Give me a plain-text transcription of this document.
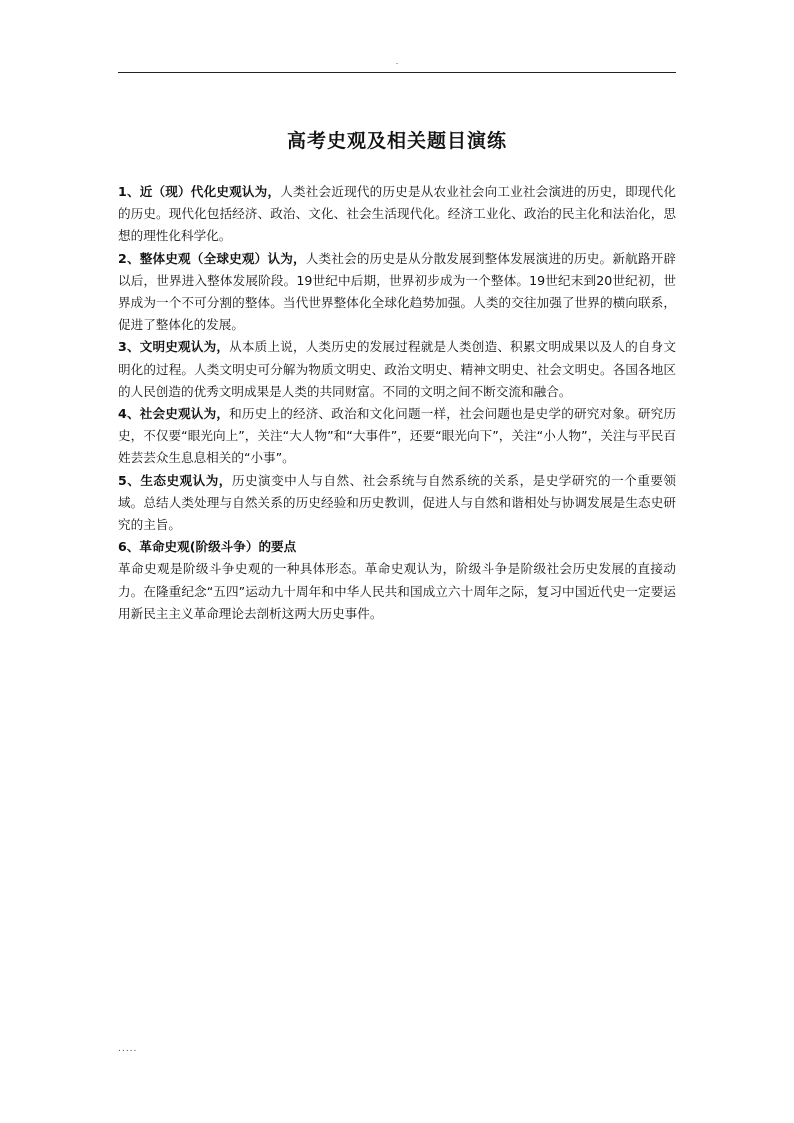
.
高考史观及相关题目演练

1、近（现）代化史观认为，人类社会近现代的历史是从农业社会向工业社会演进的历史，即现代化的历史。现代化包括经济、政治、文化、社会生活现代化。经济工业化、政治的民主化和法治化，思想的理性化科学化。

2、整体史观（全球史观）认为，人类社会的历史是从分散发展到整体发展演进的历史。新航路开辟以后，世界进入整体发展阶段。19世纪中后期，世界初步成为一个整体。19世纪末到20世纪初，世界成为一个不可分割的整体。当代世界整体化全球化趋势加强。人类的交往加强了世界的横向联系，促进了整体化的发展。

3、文明史观认为，从本质上说，人类历史的发展过程就是人类创造、积累文明成果以及人的自身文明化的过程。人类文明史可分解为物质文明史、政治文明史、精神文明史、社会文明史。各国各地区的人民创造的优秀文明成果是人类的共同财富。不同的文明之间不断交流和融合。

4、社会史观认为，和历史上的经济、政治和文化问题一样，社会问题也是史学的研究对象。研究历史，不仅要“眼光向上”，关注“大人物”和“大事件”，还要“眼光向下”，关注“小人物”，关注与平民百姓芸芸众生息息相关的“小事”。

5、生态史观认为，历史演变中人与自然、社会系统与自然系统的关系，是史学研究的一个重要领域。总结人类处理与自然关系的历史经验和历史教训，促进人与自然和谐相处与协调发展是生态史研究的主旨。

6、革命史观(阶级斗争）的要点

革命史观是阶级斗争史观的一种具体形态。革命史观认为，阶级斗争是阶级社会历史发展的直接动力。在隆重纪念“五四”运动九十周年和中华人民共和国成立六十周年之际，复习中国近代史一定要运用新民主主义革命理论去剖析这两大历史事件。

.....
